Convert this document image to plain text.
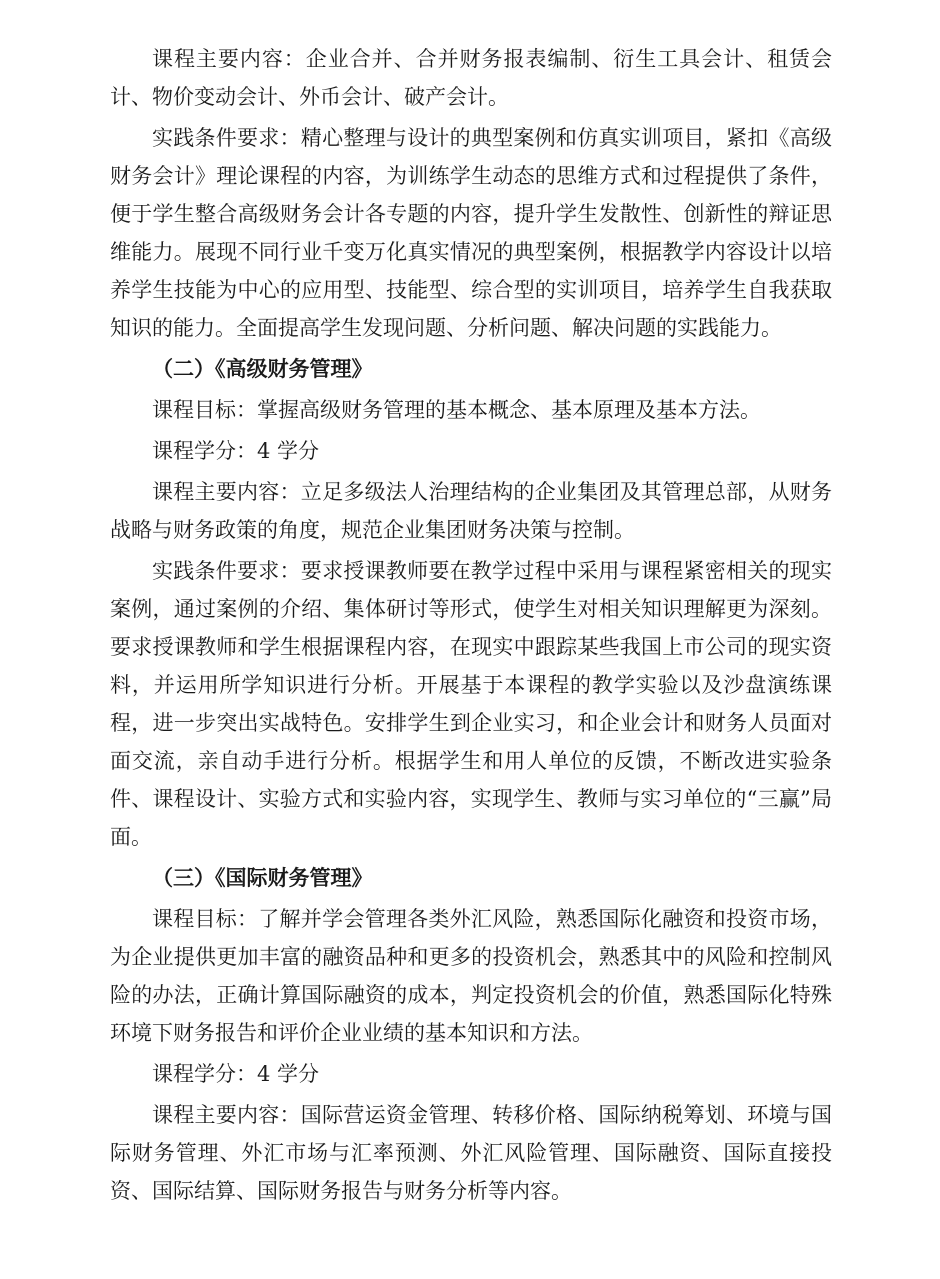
课程主要内容：企业合并、合并财务报表编制、衍生工具会计、租赁会计、物价变动会计、外币会计、破产会计。

实践条件要求：精心整理与设计的典型案例和仿真实训项目，紧扣《高级财务会计》理论课程的内容，为训练学生动态的思维方式和过程提供了条件，便于学生整合高级财务会计各专题的内容，提升学生发散性、创新性的辩证思维能力。展现不同行业千变万化真实情况的典型案例，根据教学内容设计以培养学生技能为中心的应用型、技能型、综合型的实训项目，培养学生自我获取知识的能力。全面提高学生发现问题、分析问题、解决问题的实践能力。

（二）《高级财务管理》

课程目标：掌握高级财务管理的基本概念、基本原理及基本方法。

课程学分：4 学分

课程主要内容：立足多级法人治理结构的企业集团及其管理总部，从财务战略与财务政策的角度，规范企业集团财务决策与控制。

实践条件要求：要求授课教师要在教学过程中采用与课程紧密相关的现实案例，通过案例的介绍、集体研讨等形式，使学生对相关知识理解更为深刻。要求授课教师和学生根据课程内容，在现实中跟踪某些我国上市公司的现实资料，并运用所学知识进行分析。开展基于本课程的教学实验以及沙盘演练课程，进一步突出实战特色。安排学生到企业实习，和企业会计和财务人员面对面交流，亲自动手进行分析。根据学生和用人单位的反馈，不断改进实验条件、课程设计、实验方式和实验内容，实现学生、教师与实习单位的“三赢”局面。

（三）《国际财务管理》

课程目标：了解并学会管理各类外汇风险，熟悉国际化融资和投资市场，为企业提供更加丰富的融资品种和更多的投资机会，熟悉其中的风险和控制风险的办法，正确计算国际融资的成本，判定投资机会的价值，熟悉国际化特殊环境下财务报告和评价企业业绩的基本知识和方法。

课程学分：4 学分

课程主要内容：国际营运资金管理、转移价格、国际纳税筹划、环境与国际财务管理、外汇市场与汇率预测、外汇风险管理、国际融资、国际直接投资、国际结算、国际财务报告与财务分析等内容。
